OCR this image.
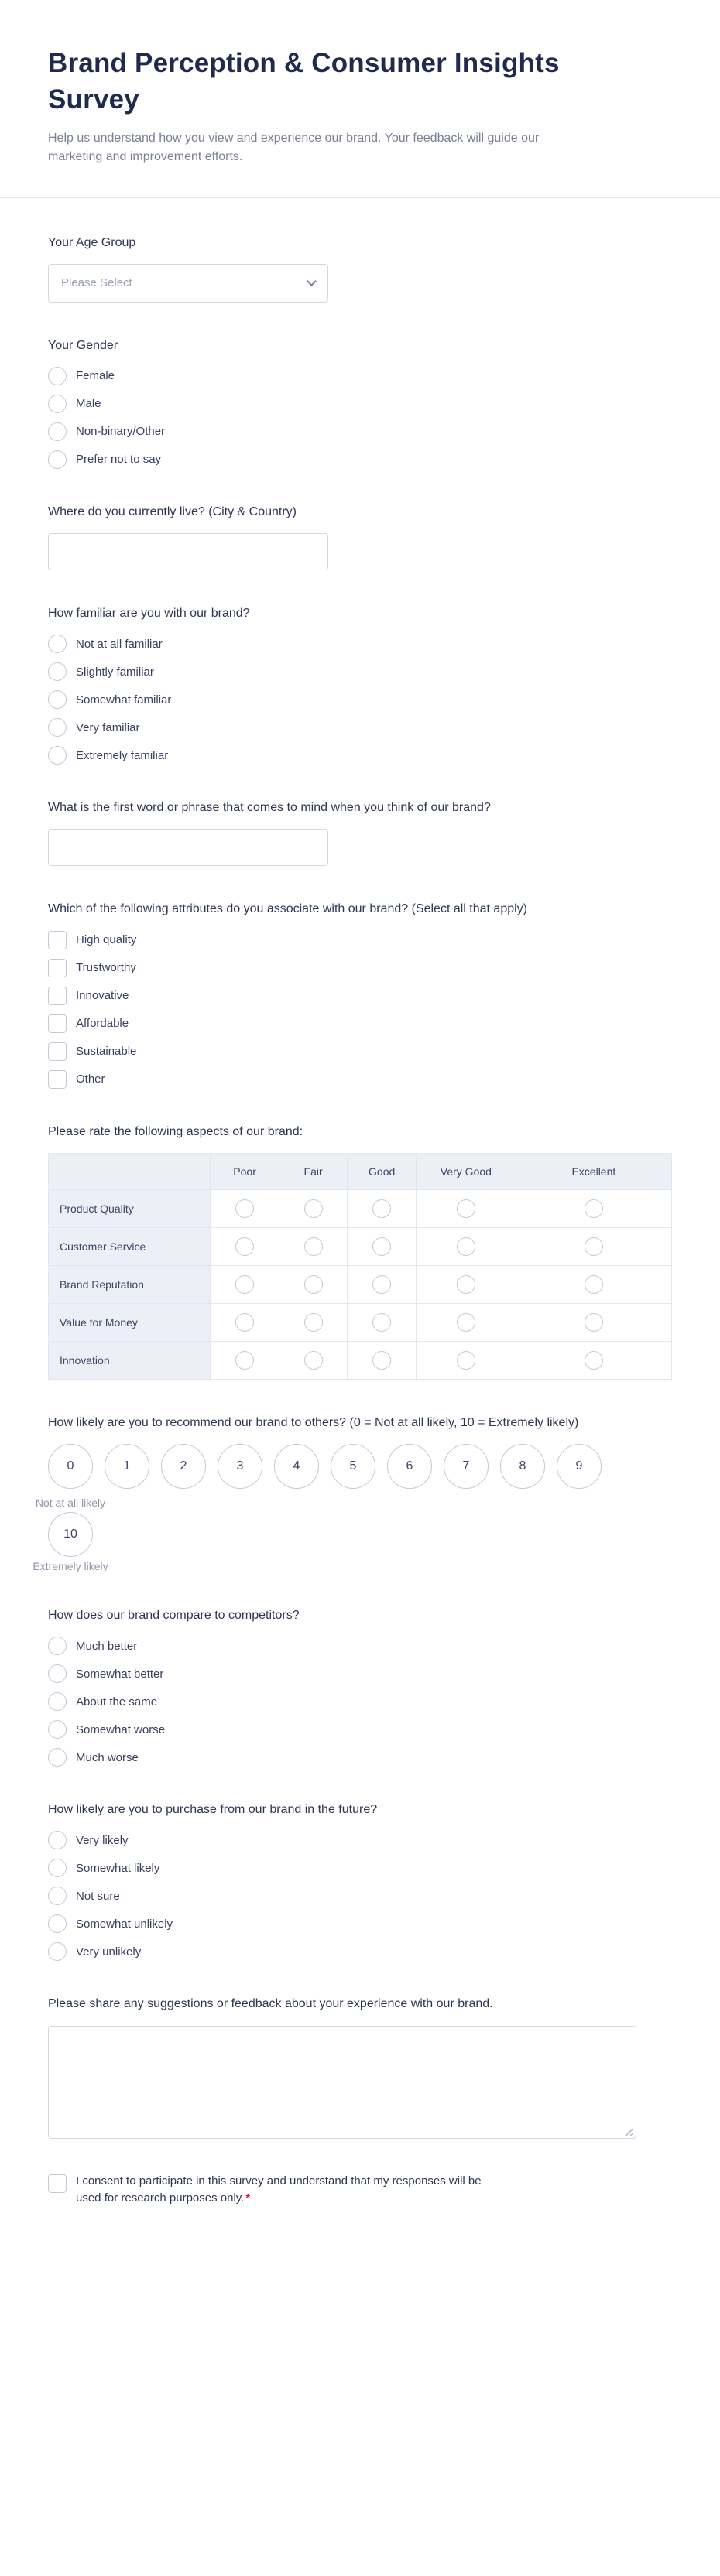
Brand Perception & Consumer Insights Survey

Help us understand how you view and experience our brand. Your feedback will guide our marketing and improvement efforts.

Your Age Group
Please Select
Your Gender
Female
Male
Non-binary/Other
Prefer not to say
Where do you currently live? (City & Country)
How familiar are you with our brand?
Not at all familiar
Slightly familiar
Somewhat familiar
Very familiar
Extremely familiar
What is the first word or phrase that comes to mind when you think of our brand?
Which of the following attributes do you associate with our brand? (Select all that apply)
High quality
Trustworthy
Innovative
Affordable
Sustainable
Other
Please rate the following aspects of our brand:
	Poor	Fair	Good	Very Good	Excellent
Product Quality					
Customer Service					
Brand Reputation					
Value for Money					
Innovation					
How likely are you to recommend our brand to others? (0 = Not at all likely, 10 = Extremely likely)
0	1	2	3	4	5	6	7	8	9
Not at all likely
10
Extremely likely
How does our brand compare to competitors?
Much better
Somewhat better
About the same
Somewhat worse
Much worse
How likely are you to purchase from our brand in the future?
Very likely
Somewhat likely
Not sure
Somewhat unlikely
Very unlikely
Please share any suggestions or feedback about your experience with our brand.
I consent to participate in this survey and understand that my responses will be used for research purposes only. *
